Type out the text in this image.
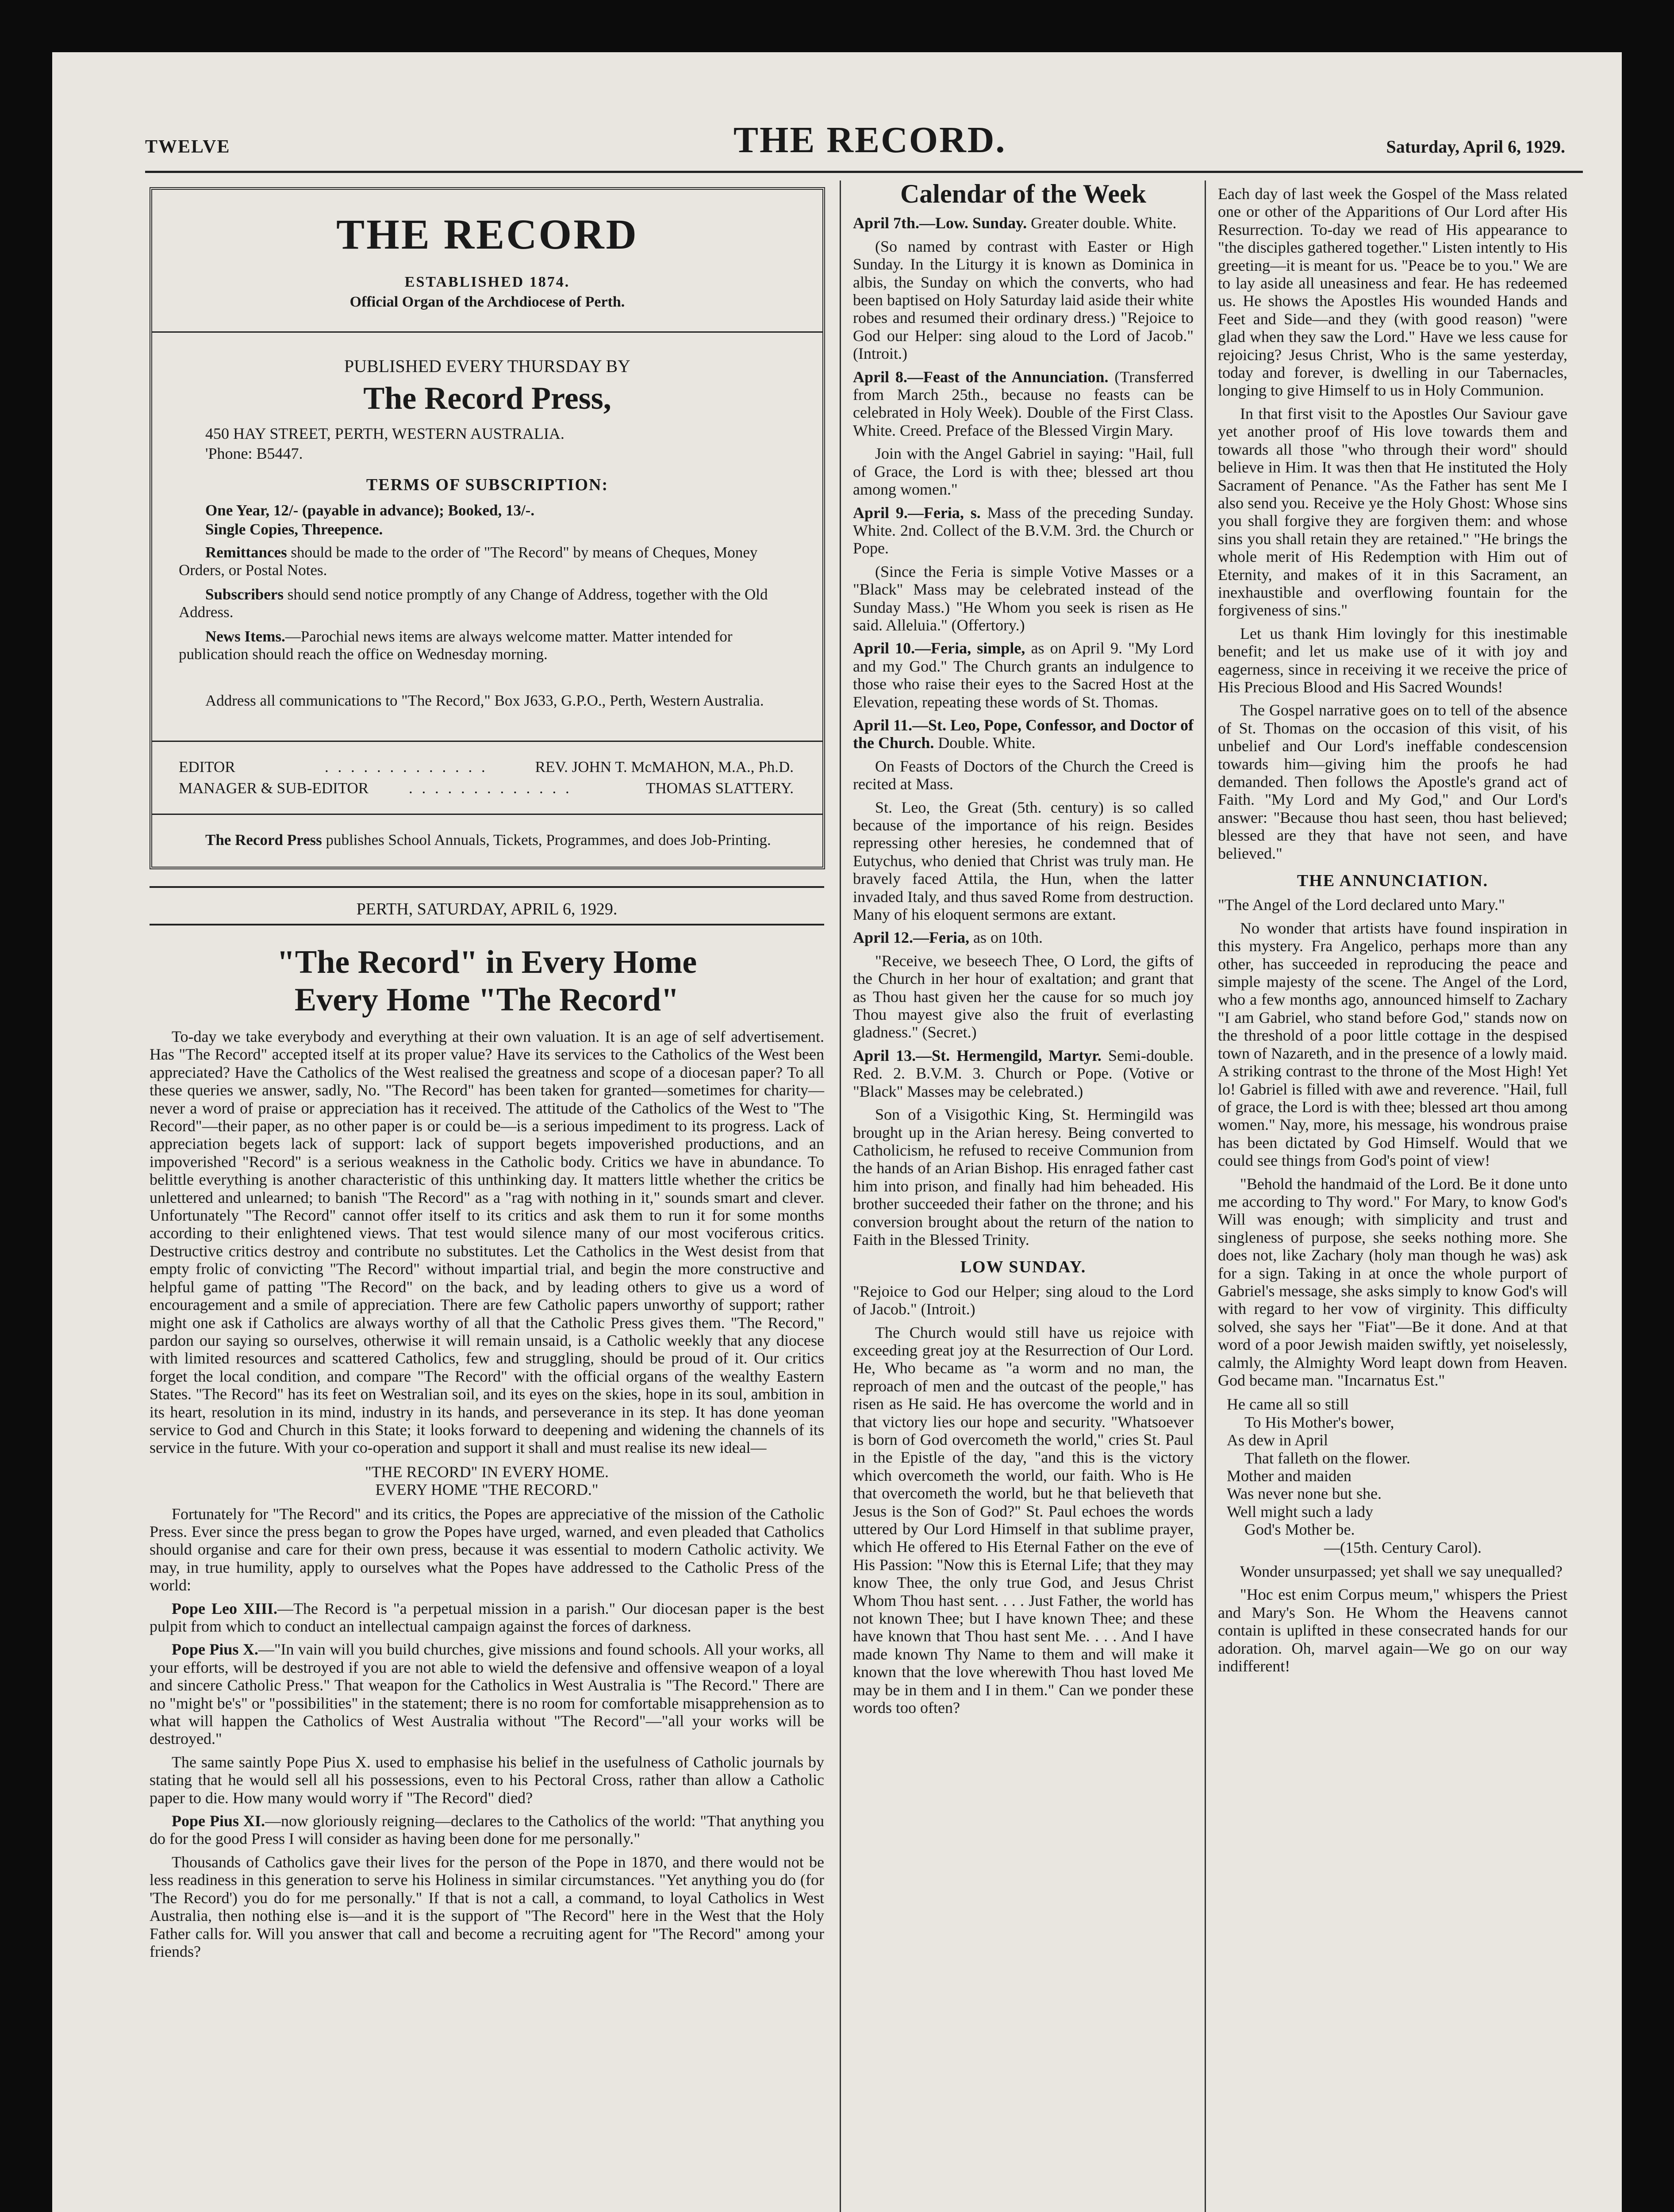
TWELVE	THE RECORD.	Saturday, April 6, 1929.
THE RECORD
ESTABLISHED 1874.
Official Organ of the Archdiocese of Perth.
PUBLISHED EVERY THURSDAY BY
The Record Press,
450 HAY STREET, PERTH, WESTERN AUSTRALIA.
'Phone: B5447.
TERMS OF SUBSCRIPTION:
One Year, 12/- (payable in advance); Booked, 13/-.
Single Copies, Threepence.
Remittances should be made to the order of "The Record" by means of Cheques, Money Orders, or Postal Notes.
Subscribers should send notice promptly of any Change of Address, together with the Old Address.
News Items.—Parochial news items are always welcome matter. Matter intended for publication should reach the office on Wednesday morning.
Address all communications to "The Record," Box J633, G.P.O., Perth, Western Australia.
EDITOR	. . . . . . . . . . . . .	REV. JOHN T. McMAHON, M.A., Ph.D.
MANAGER & SUB-EDITOR	. . . . . . . . . . . . .	THOMAS SLATTERY.
The Record Press publishes School Annuals, Tickets, Programmes, and does Job-Printing.
PERTH, SATURDAY, APRIL 6, 1929.
"The Record" in Every Home
Every Home "The Record"

To-day we take everybody and everything at their own valuation. It is an age of self advertisement. Has "The Record" accepted itself at its proper value? Have its services to the Catholics of the West been appreciated? Have the Catholics of the West realised the greatness and scope of a diocesan paper? To all these queries we answer, sadly, No. "The Record" has been taken for granted—sometimes for charity—never a word of praise or appreciation has it received. The attitude of the Catholics of the West to "The Record"—their paper, as no other paper is or could be—is a serious impediment to its progress. Lack of appreciation begets lack of support: lack of support begets impoverished productions, and an impoverished "Record" is a serious weakness in the Catholic body. Critics we have in abundance. To belittle everything is another characteristic of this unthinking day. It matters little whether the critics be unlettered and unlearned; to banish "The Record" as a "rag with nothing in it," sounds smart and clever. Unfortunately "The Record" cannot offer itself to its critics and ask them to run it for some months according to their enlightened views. That test would silence many of our most vociferous critics. Destructive critics destroy and contribute no substitutes. Let the Catholics in the West desist from that empty frolic of convicting "The Record" without impartial trial, and begin the more constructive and helpful game of patting "The Record" on the back, and by leading others to give us a word of encouragement and a smile of appreciation. There are few Catholic papers unworthy of support; rather might one ask if Catholics are always worthy of all that the Catholic Press gives them. "The Record," pardon our saying so ourselves, otherwise it will remain unsaid, is a Catholic weekly that any diocese with limited resources and scattered Catholics, few and struggling, should be proud of it. Our critics forget the local condition, and compare "The Record" with the official organs of the wealthy Eastern States. "The Record" has its feet on Westralian soil, and its eyes on the skies, hope in its soul, ambition in its heart, resolution in its mind, industry in its hands, and perseverance in its step. It has done yeoman service to God and Church in this State; it looks forward to deepening and widening the channels of its service in the future. With your co-operation and support it shall and must realise its new ideal—

"THE RECORD" IN EVERY HOME.

EVERY HOME "THE RECORD."

Fortunately for "The Record" and its critics, the Popes are appreciative of the mission of the Catholic Press. Ever since the press began to grow the Popes have urged, warned, and even pleaded that Catholics should organise and care for their own press, because it was essential to modern Catholic activity. We may, in true humility, apply to ourselves what the Popes have addressed to the Catholic Press of the world:

Pope Leo XIII.—The Record is "a perpetual mission in a parish." Our diocesan paper is the best pulpit from which to conduct an intellectual campaign against the forces of darkness.

Pope Pius X.—"In vain will you build churches, give missions and found schools. All your works, all your efforts, will be destroyed if you are not able to wield the defensive and offensive weapon of a loyal and sincere Catholic Press." That weapon for the Catholics in West Australia is "The Record." There are no "might be's" or "possibilities" in the statement; there is no room for comfortable misapprehension as to what will happen the Catholics of West Australia without "The Record"—"all your works will be destroyed."

The same saintly Pope Pius X. used to emphasise his belief in the usefulness of Catholic journals by stating that he would sell all his possessions, even to his Pectoral Cross, rather than allow a Catholic paper to die. How many would worry if "The Record" died?

Pope Pius XI.—now gloriously reigning—declares to the Catholics of the world: "That anything you do for the good Press I will consider as having been done for me personally."

Thousands of Catholics gave their lives for the person of the Pope in 1870, and there would not be less readiness in this generation to serve his Holiness in similar circumstances. "Yet anything you do (for 'The Record') you do for me personally." If that is not a call, a command, to loyal Catholics in West Australia, then nothing else is—and it is the support of "The Record" here in the West that the Holy Father calls for. Will you answer that call and become a recruiting agent for "The Record" among your friends?

Calendar of the Week

April 7th.—Low. Sunday. Greater double. White.

(So named by contrast with Easter or High Sunday. In the Liturgy it is known as Dominica in albis, the Sunday on which the converts, who had been baptised on Holy Saturday laid aside their white robes and resumed their ordinary dress.) "Rejoice to God our Helper: sing aloud to the Lord of Jacob." (Introit.)

April 8.—Feast of the Annunciation. (Transferred from March 25th., because no feasts can be celebrated in Holy Week). Double of the First Class. White. Creed. Preface of the Blessed Virgin Mary.

Join with the Angel Gabriel in saying: "Hail, full of Grace, the Lord is with thee; blessed art thou among women."

April 9.—Feria, s. Mass of the preceding Sunday. White. 2nd. Collect of the B.V.M. 3rd. the Church or Pope.

(Since the Feria is simple Votive Masses or a "Black" Mass may be celebrated instead of the Sunday Mass.) "He Whom you seek is risen as He said. Alleluia." (Offertory.)

April 10.—Feria, simple, as on April 9. "My Lord and my God." The Church grants an indulgence to those who raise their eyes to the Sacred Host at the Elevation, repeating these words of St. Thomas.

April 11.—St. Leo, Pope, Confessor, and Doctor of the Church. Double. White.

On Feasts of Doctors of the Church the Creed is recited at Mass.

St. Leo, the Great (5th. century) is so called because of the importance of his reign. Besides repressing other heresies, he condemned that of Eutychus, who denied that Christ was truly man. He bravely faced Attila, the Hun, when the latter invaded Italy, and thus saved Rome from destruction. Many of his eloquent sermons are extant.

April 12.—Feria, as on 10th.

"Receive, we beseech Thee, O Lord, the gifts of the Church in her hour of exaltation; and grant that as Thou hast given her the cause for so much joy Thou mayest give also the fruit of everlasting gladness." (Secret.)

April 13.—St. Hermengild, Martyr. Semi-double. Red. 2. B.V.M. 3. Church or Pope. (Votive or "Black" Masses may be celebrated.)

Son of a Visigothic King, St. Hermingild was brought up in the Arian heresy. Being converted to Catholicism, he refused to receive Communion from the hands of an Arian Bishop. His enraged father cast him into prison, and finally had him beheaded. His brother succeeded their father on the throne; and his conversion brought about the return of the nation to Faith in the Blessed Trinity.

LOW SUNDAY.

"Rejoice to God our Helper; sing aloud to the Lord of Jacob." (Introit.)

The Church would still have us rejoice with exceeding great joy at the Resurrection of Our Lord. He, Who became as "a worm and no man, the reproach of men and the outcast of the people," has risen as He said. He has overcome the world and in that victory lies our hope and security. "Whatsoever is born of God overcometh the world," cries St. Paul in the Epistle of the day, "and this is the victory which overcometh the world, our faith. Who is He that overcometh the world, but he that believeth that Jesus is the Son of God?" St. Paul echoes the words uttered by Our Lord Himself in that sublime prayer, which He offered to His Eternal Father on the eve of His Passion: "Now this is Eternal Life; that they may know Thee, the only true God, and Jesus Christ Whom Thou hast sent. . . . Just Father, the world has not known Thee; but I have known Thee; and these have known that Thou hast sent Me. . . . And I have made known Thy Name to them and will make it known that the love wherewith Thou hast loved Me may be in them and I in them." Can we ponder these words too often?

Each day of last week the Gospel of the Mass related one or other of the Apparitions of Our Lord after His Resurrection. To-day we read of His appearance to "the disciples gathered together." Listen intently to His greeting—it is meant for us. "Peace be to you." We are to lay aside all uneasiness and fear. He has redeemed us. He shows the Apostles His wounded Hands and Feet and Side—and they (with good reason) "were glad when they saw the Lord." Have we less cause for rejoicing? Jesus Christ, Who is the same yesterday, today and forever, is dwelling in our Tabernacles, longing to give Himself to us in Holy Communion.

In that first visit to the Apostles Our Saviour gave yet another proof of His love towards them and towards all those "who through their word" should believe in Him. It was then that He instituted the Holy Sacrament of Penance. "As the Father has sent Me I also send you. Receive ye the Holy Ghost: Whose sins you shall forgive they are forgiven them: and whose sins you shall retain they are retained." "He brings the whole merit of His Redemption with Him out of Eternity, and makes of it in this Sacrament, an inexhaustible and overflowing fountain for the forgiveness of sins."

Let us thank Him lovingly for this inestimable benefit; and let us make use of it with joy and eagerness, since in receiving it we receive the price of His Precious Blood and His Sacred Wounds!

The Gospel narrative goes on to tell of the absence of St. Thomas on the occasion of this visit, of his unbelief and Our Lord's ineffable condescension towards him—giving him the proofs he had demanded. Then follows the Apostle's grand act of Faith. "My Lord and My God," and Our Lord's answer: "Because thou hast seen, thou hast believed; blessed are they that have not seen, and have believed."

THE ANNUNCIATION.

"The Angel of the Lord declared unto Mary."

No wonder that artists have found inspiration in this mystery. Fra Angelico, perhaps more than any other, has succeeded in reproducing the peace and simple majesty of the scene. The Angel of the Lord, who a few months ago, announced himself to Zachary "I am Gabriel, who stand before God," stands now on the threshold of a poor little cottage in the despised town of Nazareth, and in the presence of a lowly maid. A striking contrast to the throne of the Most High! Yet lo! Gabriel is filled with awe and reverence. "Hail, full of grace, the Lord is with thee; blessed art thou among women." Nay, more, his message, his wondrous praise has been dictated by God Himself. Would that we could see things from God's point of view!

"Behold the handmaid of the Lord. Be it done unto me according to Thy word." For Mary, to know God's Will was enough; with simplicity and trust and singleness of purpose, she seeks nothing more. She does not, like Zachary (holy man though he was) ask for a sign. Taking in at once the whole purport of Gabriel's message, she asks simply to know God's will with regard to her vow of virginity. This difficulty solved, she says her "Fiat"—Be it done. And at that word of a poor Jewish maiden swiftly, yet noiselessly, calmly, the Almighty Word leapt down from Heaven. God became man. "Incarnatus Est."

He came all so still

To His Mother's bower,

As dew in April

That falleth on the flower.

Mother and maiden

Was never none but she.

Well might such a lady

God's Mother be.

—(15th. Century Carol).

Wonder unsurpassed; yet shall we say unequalled?

"Hoc est enim Corpus meum," whispers the Priest and Mary's Son. He Whom the Heavens cannot contain is uplifted in these consecrated hands for our adoration. Oh, marvel again—We go on our way indifferent!
